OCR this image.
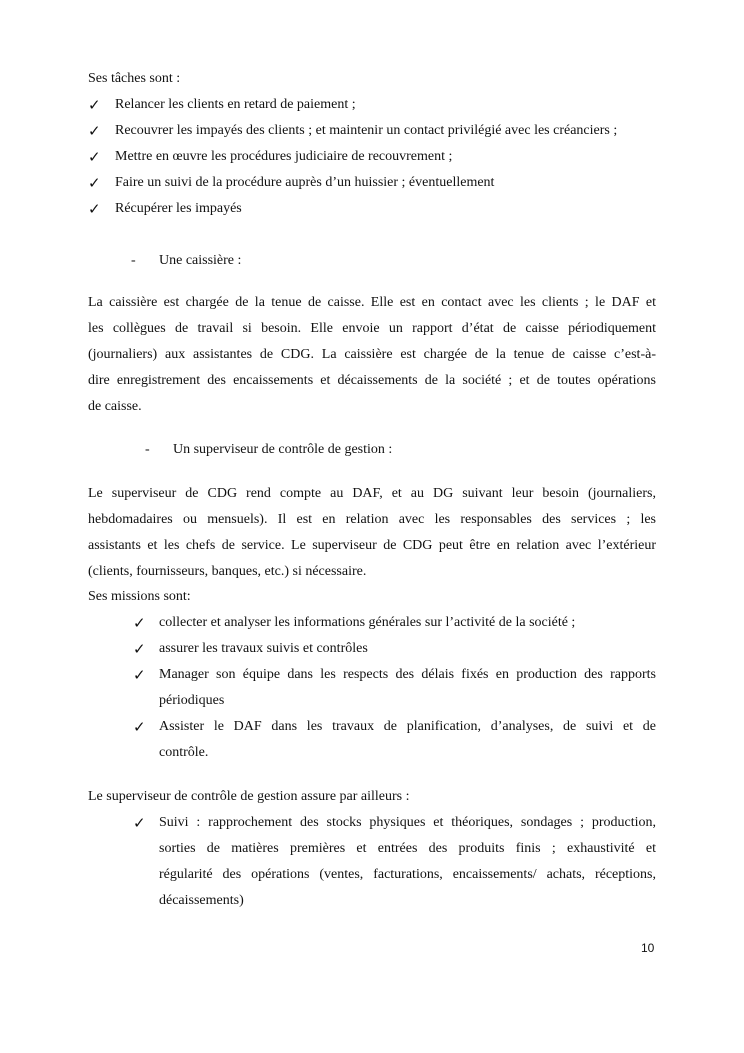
Ses tâches sont :
✓ Relancer les clients en retard de paiement ;
✓ Recouvrer les impayés des clients ; et maintenir un contact privilégié avec les créanciers ;
✓ Mettre en œuvre les procédures judiciaire de recouvrement ;
✓ Faire un suivi de la procédure auprès d’un huissier ; éventuellement
✓ Récupérer les impayés
- Une caissière :
La caissière est chargée de la tenue de caisse. Elle est en contact avec les clients ; le DAF et
les collègues de travail si besoin. Elle envoie un rapport d’état de caisse périodiquement
(journaliers) aux assistantes de CDG. La caissière est chargée de la tenue de caisse c’est-à-
dire enregistrement des encaissements et décaissements de la société ; et de toutes opérations
de caisse.
- Un superviseur de contrôle de gestion :
Le superviseur de CDG rend compte au DAF, et au DG suivant leur besoin (journaliers,
hebdomadaires ou mensuels). Il est en relation avec les responsables des services ; les
assistants et les chefs de service. Le superviseur de CDG peut être en relation avec l’extérieur
(clients, fournisseurs, banques, etc.) si nécessaire.
Ses missions sont:
✓ collecter et analyser les informations générales sur l’activité de la société ;
✓ assurer les travaux suivis et contrôles
✓ Manager son équipe dans les respects des délais fixés en production des rapports
périodiques
✓ Assister le DAF dans les travaux de planification, d’analyses, de suivi et de
contrôle.
Le superviseur de contrôle de gestion assure par ailleurs :
✓ Suivi : rapprochement des stocks physiques et théoriques, sondages ; production,
sorties de matières premières et entrées des produits finis ; exhaustivité et
régularité des opérations (ventes, facturations, encaissements/ achats, réceptions,
décaissements)
10
